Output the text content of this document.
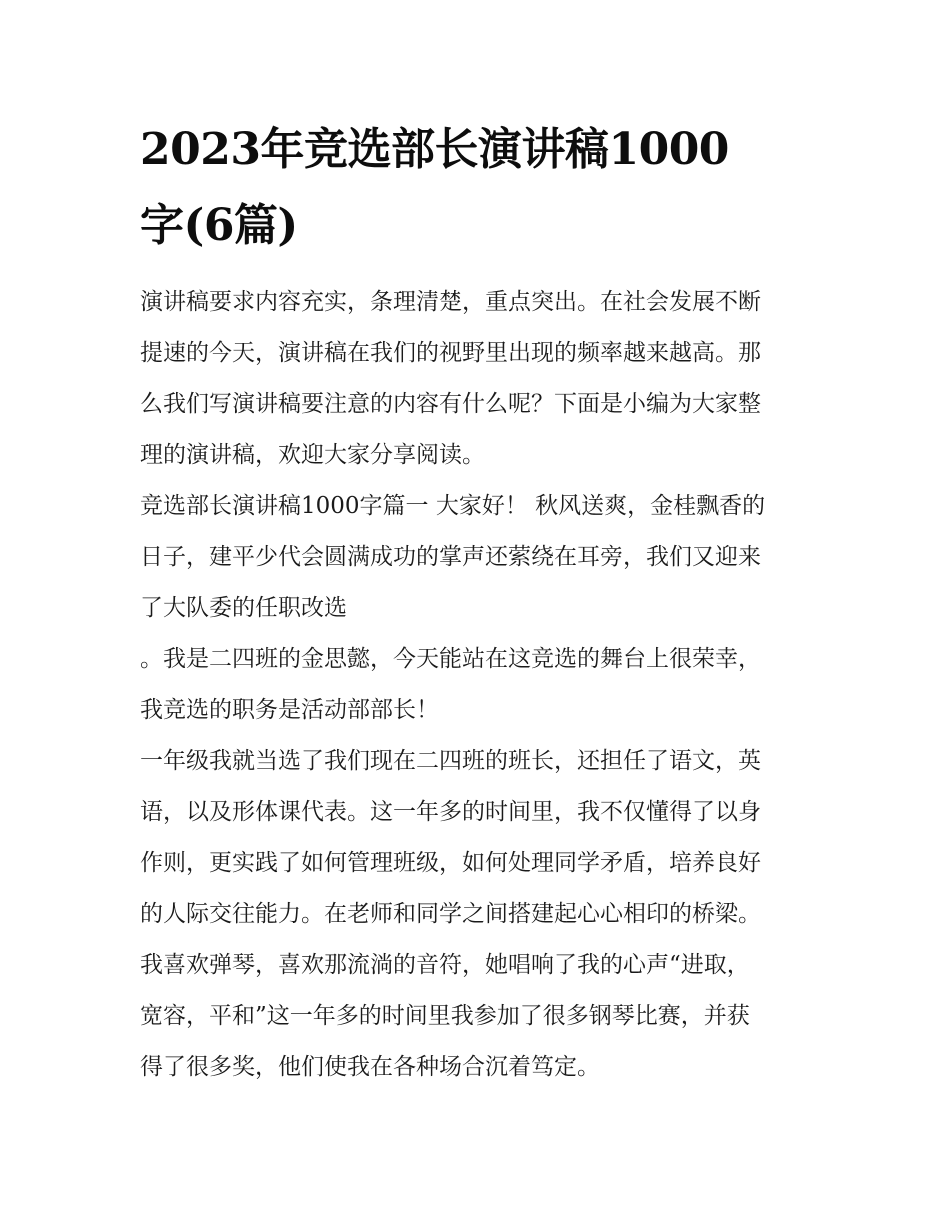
2023年竞选部长演讲稿1000
字(6篇)
演讲稿要求内容充实，条理清楚，重点突出。在社会发展不断
提速的今天，演讲稿在我们的视野里出现的频率越来越高。那
么我们写演讲稿要注意的内容有什么呢？下面是小编为大家整
理的演讲稿，欢迎大家分享阅读。
竞选部长演讲稿1000字篇一 大家好！ 秋风送爽，金桂飘香的
日子，建平少代会圆满成功的掌声还萦绕在耳旁，我们又迎来
了大队委的任职改选
。我是二四班的金思懿，今天能站在这竞选的舞台上很荣幸，
我竞选的职务是活动部部长！
一年级我就当选了我们现在二四班的班长，还担任了语文，英
语，以及形体课代表。这一年多的时间里，我不仅懂得了以身
作则，更实践了如何管理班级，如何处理同学矛盾，培养良好
的人际交往能力。在老师和同学之间搭建起心心相印的桥梁。
我喜欢弹琴，喜欢那流淌的音符，她唱响了我的心声“进取，
宽容，平和”这一年多的时间里我参加了很多钢琴比赛，并获
得了很多奖，他们使我在各种场合沉着笃定。
